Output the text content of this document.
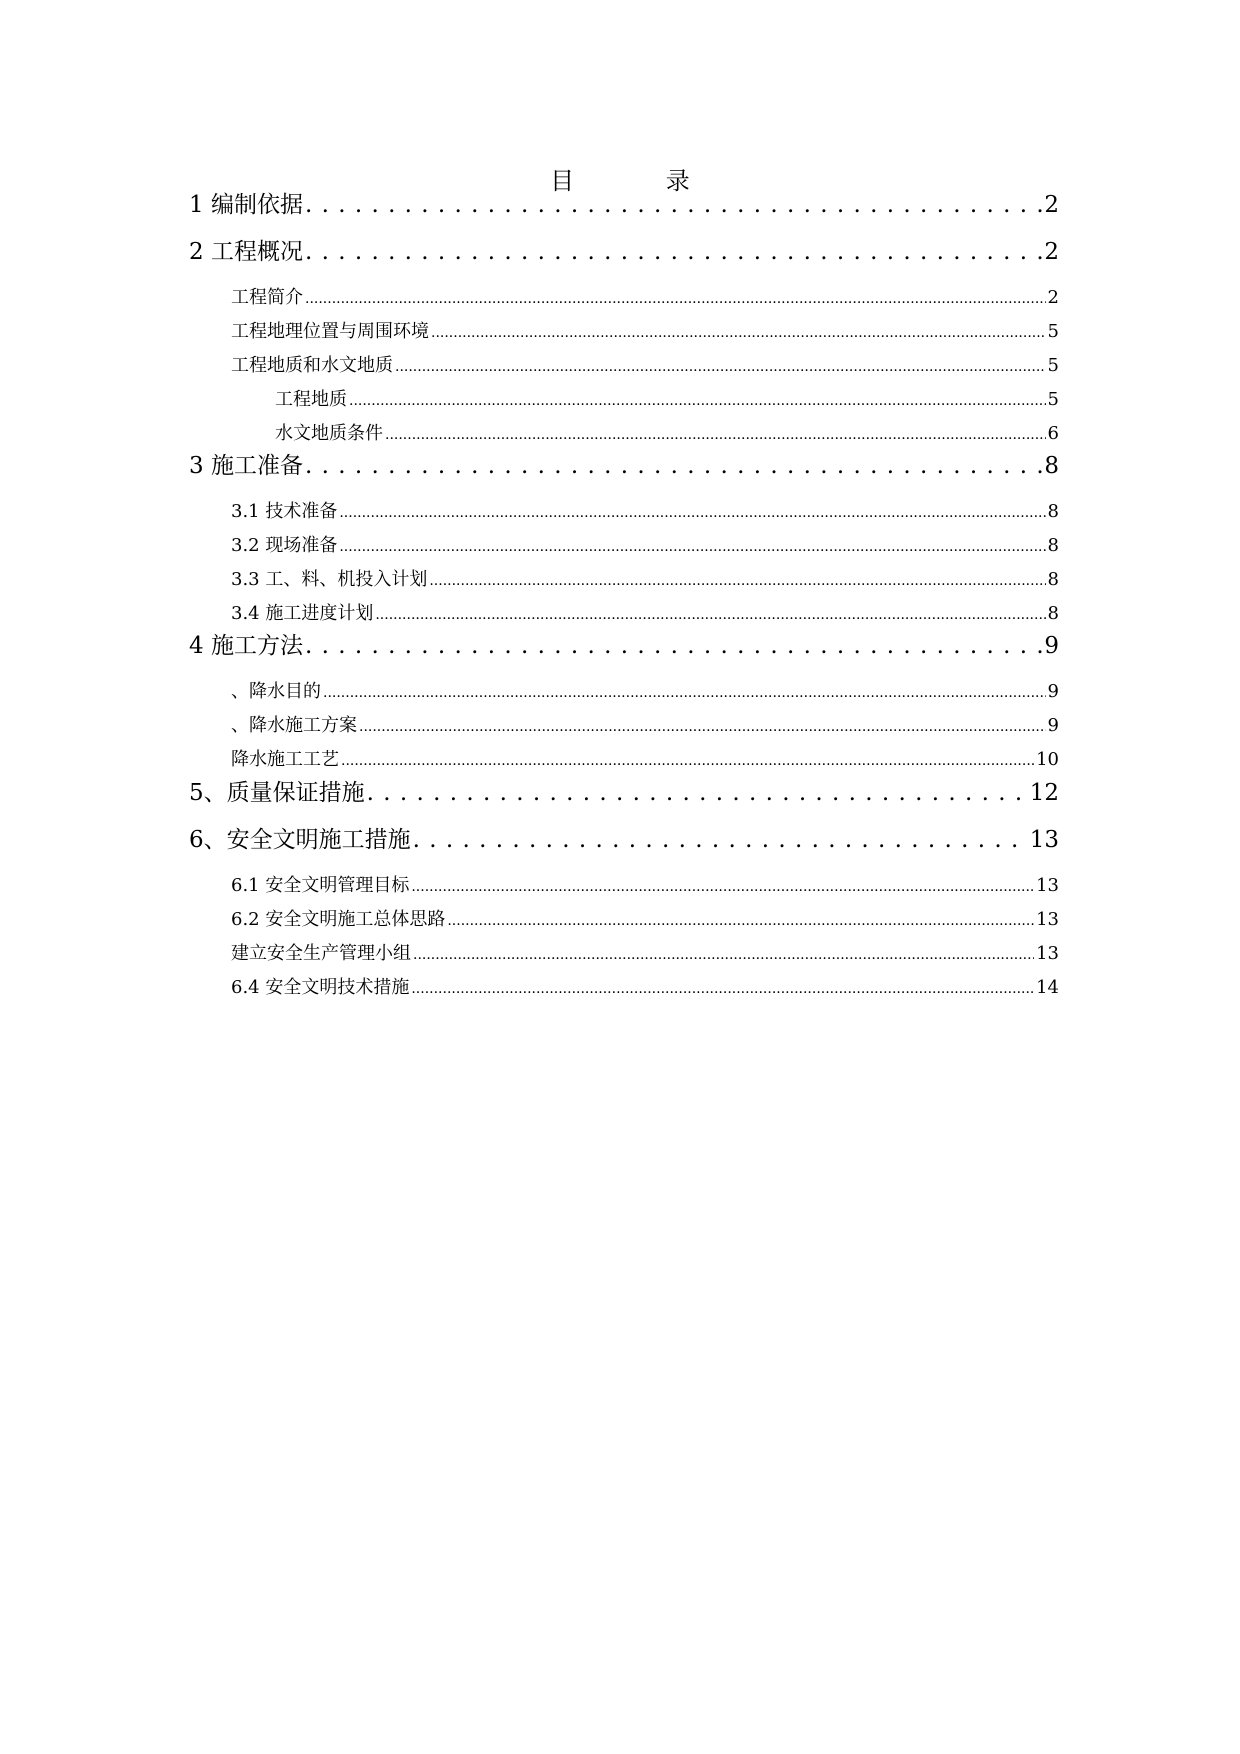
目 录
1 编制依据 . . .	2
2 工程概况 . . .	2
工程简介 .....	2
工程地理位置与周围环境 .....	5
工程地质和水文地质 .....	5
工程地质 .....	5
水文地质条件 .....	6
3 施工准备 . . .	8
3.1 技术准备 .....	8
3.2 现场准备 .....	8
3.3 工、料、机投入计划 .....	8
3.4 施工进度计划 .....	8
4 施工方法 . . .	9
、降水目的 .....	9
、降水施工方案 .....	9
降水施工工艺 .....	10
5、质量保证措施 . . .	12
6、安全文明施工措施 . . .	13
6.1 安全文明管理目标 .....	13
6.2 安全文明施工总体思路 .....	13
建立安全生产管理小组 .....	13
6.4 安全文明技术措施 .....	14
